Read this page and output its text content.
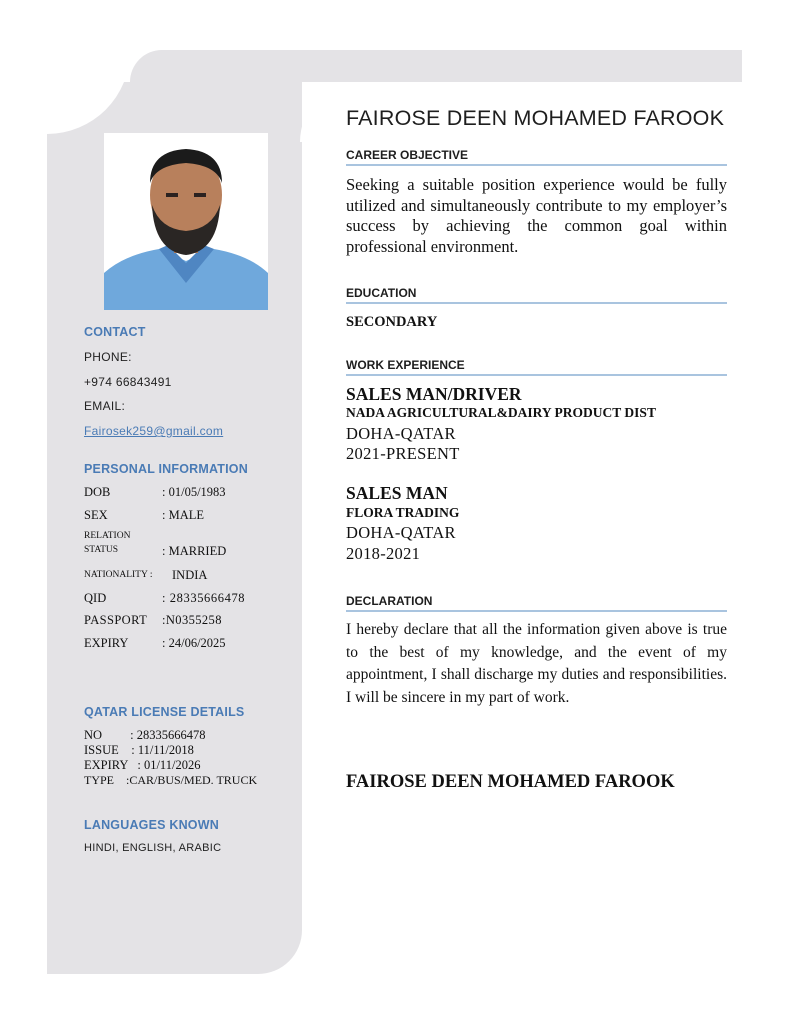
CONTACT
PHONE:
+974 66843491
EMAIL:
Fairosek259@gmail.com
PERSONAL INFORMATION
DOB	: 01/05/1983
SEX	: MALE
RELATION
STATUS	: MARRIED
NATIONALITY : INDIA
QID	: 28335666478
PASSPORT :N0355258
EXPIRY	: 24/06/2025
QATAR LICENSE DETAILS
NO         : 28335666478
ISSUE    : 11/11/2018
EXPIRY   : 01/11/2026
TYPE    :CAR/BUS/MED. TRUCK
LANGUAGES KNOWN
HINDI, ENGLISH, ARABIC
FAIROSE DEEN MOHAMED FAROOK
CAREER OBJECTIVE
Seeking a suitable position experience would be fully utilized and simultaneously contribute to my employer’s success by achieving the common goal within professional environment.
EDUCATION
SECONDARY
WORK EXPERIENCE
SALES MAN/DRIVER
NADA AGRICULTURAL&DAIRY PRODUCT DIST
DOHA-QATAR
2021-PRESENT
SALES MAN
FLORA TRADING
DOHA-QATAR
2018-2021
DECLARATION
I hereby declare that all the information given above is true to the best of my knowledge, and the event of my appointment, I shall discharge my duties and responsibilities. I will be sincere in my part of work.
FAIROSE DEEN MOHAMED FAROOK
